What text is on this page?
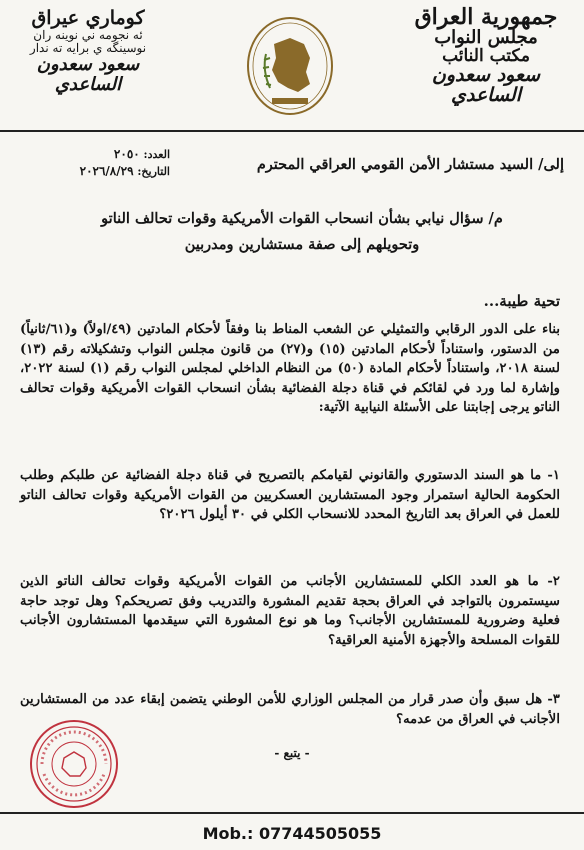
جمهورية العراق
مجلس النواب
مكتب النائب
سعود سعدون الساعدي
كوماري عيراق
ئه نجومه ني نوينه ران
نوسينگه ي برايه ته ندار
سعود سعدون الساعدي
العدد: ٢٠٥٠
التاريخ: ٢٠٢٦/٨/٢٩	إلى/ السيد مستشار الأمن القومي العراقي المحترم
م/ سؤال نيابي بشأن انسحاب القوات الأمريكية وقوات تحالف الناتو
وتحويلهم إلى صفة مستشارين ومدربين
تحية طيبة...
بناء على الدور الرقابي والتمثيلي عن الشعب المناط بنا وفقاً لأحكام المادتين (٤٩/اولاً) و(٦١/ثانياً) من الدستور، واستناداً لأحكام المادتين (١٥) و(٢٧) من قانون مجلس النواب وتشكيلاته رقم (١٣) لسنة ٢٠١٨، واستناداً لأحكام المادة (٥٠) من النظام الداخلي لمجلس النواب رقم (١) لسنة ٢٠٢٢، وإشارة لما ورد في لقائكم في قناة دجلة الفضائية بشأن انسحاب القوات الأمريكية وقوات تحالف الناتو يرجى إجابتنا على الأسئلة النيابية الآتية:
١- ما هو السند الدستوري والقانوني لقيامكم بالتصريح في قناة دجلة الفضائية عن طلبكم وطلب الحكومة الحالية استمرار وجود المستشارين العسكريين من القوات الأمريكية وقوات تحالف الناتو للعمل في العراق بعد التاريخ المحدد للانسحاب الكلي في ٣٠ أيلول ٢٠٢٦؟
٢- ما هو العدد الكلي للمستشارين الأجانب من القوات الأمريكية وقوات تحالف الناتو الذين سيستمرون بالتواجد في العراق بحجة تقديم المشورة والتدريب وفق تصريحكم؟ وهل توجد حاجة فعلية وضرورية للمستشارين الأجانب؟ وما هو نوع المشورة التي سيقدمها المستشارون الأجانب للقوات المسلحة والأجهزة الأمنية العراقية؟
٣- هل سبق وأن صدر قرار من المجلس الوزاري للأمن الوطني يتضمن إبقاء عدد من المستشارين الأجانب في العراق من عدمه؟
- يتبع -
Mob.: 07744505055
